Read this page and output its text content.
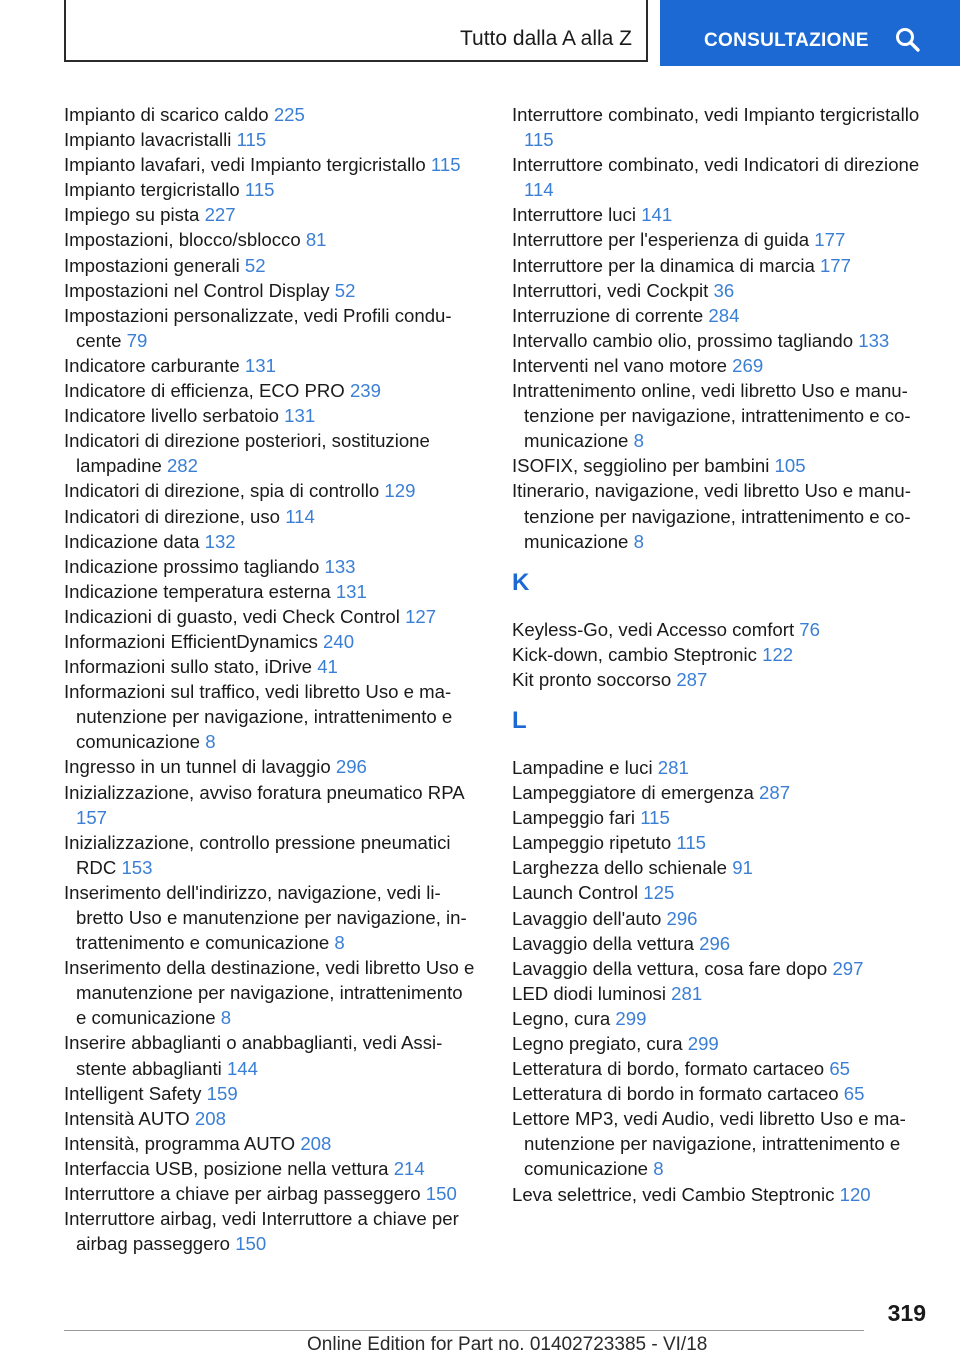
Tutto dalla A alla Z	CONSULTAZIONE
Impianto di scarico caldo 225
Impianto lavacristalli 115
Impianto lavafari, vedi Impianto tergicristallo 115
Impianto tergicristallo 115
Impiego su pista 227
Impostazioni, blocco/sblocco 81
Impostazioni generali 52
Impostazioni nel Control Display 52
Impostazioni personalizzate, vedi Profili conducente 79
Indicatore carburante 131
Indicatore di efficienza, ECO PRO 239
Indicatore livello serbatoio 131
Indicatori di direzione posteriori, sostituzione lampadine 282
Indicatori di direzione, spia di controllo 129
Indicatori di direzione, uso 114
Indicazione data 132
Indicazione prossimo tagliando 133
Indicazione temperatura esterna 131
Indicazioni di guasto, vedi Check Control 127
Informazioni EfficientDynamics 240
Informazioni sullo stato, iDrive 41
Informazioni sul traffico, vedi libretto Uso e manutenzione per navigazione, intrattenimento e comunicazione 8
Ingresso in un tunnel di lavaggio 296
Inizializzazione, avviso foratura pneumatico RPA 157
Inizializzazione, controllo pressione pneumatici RDC 153
Inserimento dell'indirizzo, navigazione, vedi libretto Uso e manutenzione per navigazione, intrattenimento e comunicazione 8
Inserimento della destinazione, vedi libretto Uso e manutenzione per navigazione, intrattenimento e comunicazione 8
Inserire abbaglianti o anabbaglianti, vedi Assistente abbaglianti 144
Intelligent Safety 159
Intensità AUTO 208
Intensità, programma AUTO 208
Interfaccia USB, posizione nella vettura 214
Interruttore a chiave per airbag passeggero 150
Interruttore airbag, vedi Interruttore a chiave per airbag passeggero 150
Interruttore combinato, vedi Impianto tergicristallo 115
Interruttore combinato, vedi Indicatori di direzione 114
Interruttore luci 141
Interruttore per l'esperienza di guida 177
Interruttore per la dinamica di marcia 177
Interruttori, vedi Cockpit 36
Interruzione di corrente 284
Intervallo cambio olio, prossimo tagliando 133
Interventi nel vano motore 269
Intrattenimento online, vedi libretto Uso e manutenzione per navigazione, intrattenimento e comunicazione 8
ISOFIX, seggiolino per bambini 105
Itinerario, navigazione, vedi libretto Uso e manutenzione per navigazione, intrattenimento e comunicazione 8
K
Keyless-Go, vedi Accesso comfort 76
Kick-down, cambio Steptronic 122
Kit pronto soccorso 287
L
Lampadine e luci 281
Lampeggiatore di emergenza 287
Lampeggio fari 115
Lampeggio ripetuto 115
Larghezza dello schienale 91
Launch Control 125
Lavaggio dell'auto 296
Lavaggio della vettura 296
Lavaggio della vettura, cosa fare dopo 297
LED diodi luminosi 281
Legno, cura 299
Legno pregiato, cura 299
Letteratura di bordo, formato cartaceo 65
Letteratura di bordo in formato cartaceo 65
Lettore MP3, vedi Audio, vedi libretto Uso e manutenzione per navigazione, intrattenimento e comunicazione 8
Leva selettrice, vedi Cambio Steptronic 120
319
Online Edition for Part no. 01402723385 - VI/18
